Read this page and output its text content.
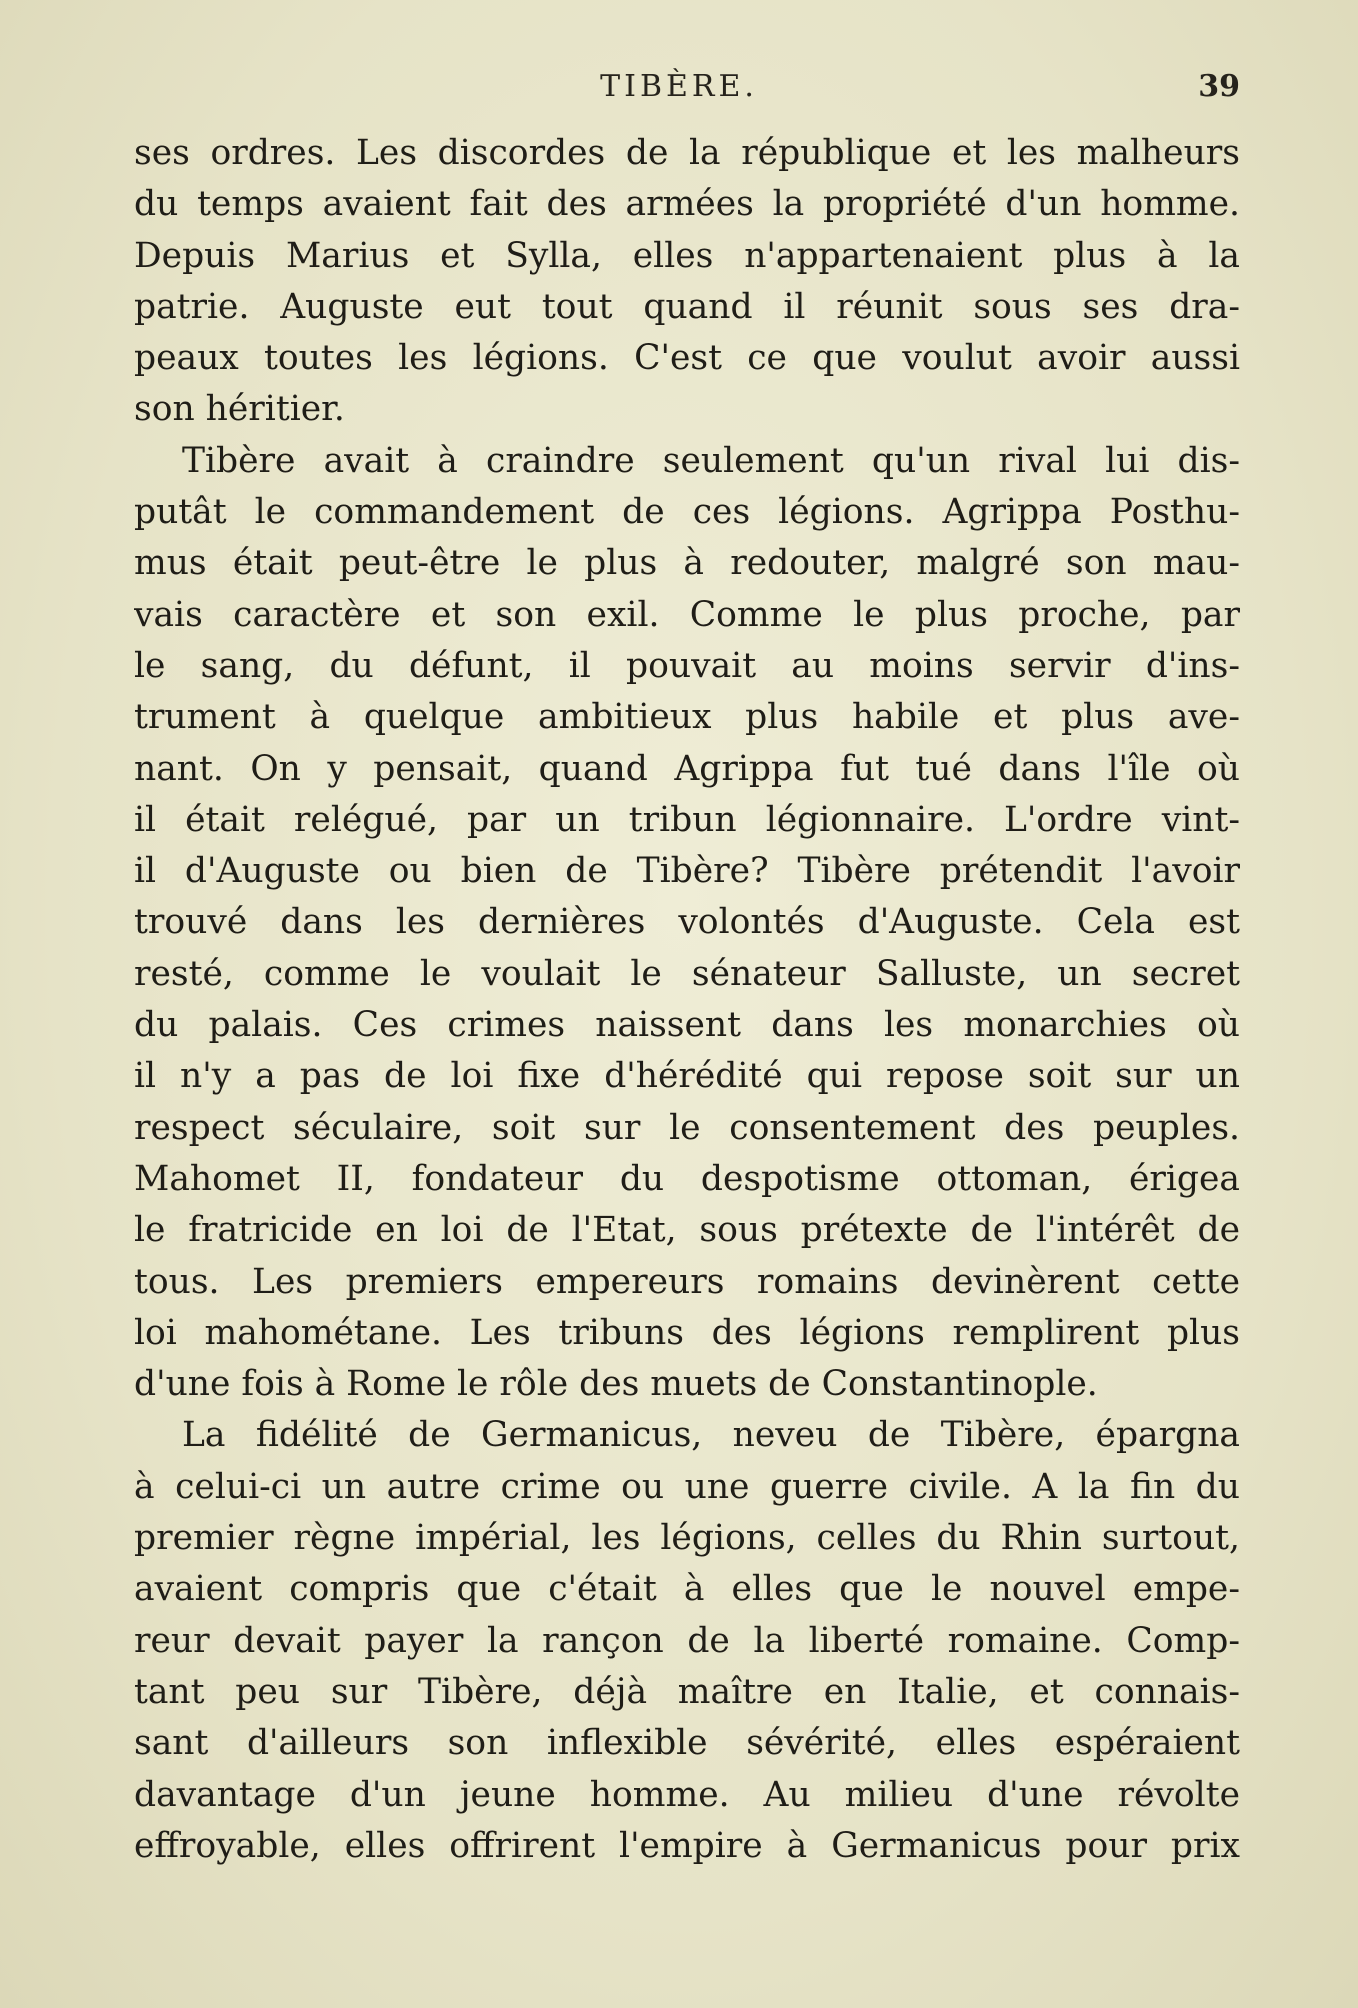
TIBÈRE.	39
ses ordres. Les discordes de la république et les malheurs
du temps avaient fait des armées la propriété d'un homme.
Depuis Marius et Sylla, elles n'appartenaient plus à la
patrie. Auguste eut tout quand il réunit sous ses dra-
peaux toutes les légions. C'est ce que voulut avoir aussi
son héritier.
Tibère avait à craindre seulement qu'un rival lui dis-
putât le commandement de ces légions. Agrippa Posthu-
mus était peut-être le plus à redouter, malgré son mau-
vais caractère et son exil. Comme le plus proche, par
le sang, du défunt, il pouvait au moins servir d'ins-
trument à quelque ambitieux plus habile et plus ave-
nant. On y pensait, quand Agrippa fut tué dans l'île où
il était relégué, par un tribun légionnaire. L'ordre vint-
il d'Auguste ou bien de Tibère? Tibère prétendit l'avoir
trouvé dans les dernières volontés d'Auguste. Cela est
resté, comme le voulait le sénateur Salluste, un secret
du palais. Ces crimes naissent dans les monarchies où
il n'y a pas de loi fixe d'hérédité qui repose soit sur un
respect séculaire, soit sur le consentement des peuples.
Mahomet II, fondateur du despotisme ottoman, érigea
le fratricide en loi de l'Etat, sous prétexte de l'intérêt de
tous. Les premiers empereurs romains devinèrent cette
loi mahométane. Les tribuns des légions remplirent plus
d'une fois à Rome le rôle des muets de Constantinople.
La fidélité de Germanicus, neveu de Tibère, épargna
à celui-ci un autre crime ou une guerre civile. A la fin du
premier règne impérial, les légions, celles du Rhin surtout,
avaient compris que c'était à elles que le nouvel empe-
reur devait payer la rançon de la liberté romaine. Comp-
tant peu sur Tibère, déjà maître en Italie, et connais-
sant d'ailleurs son inflexible sévérité, elles espéraient
davantage d'un jeune homme. Au milieu d'une révolte
effroyable, elles offrirent l'empire à Germanicus pour prix
